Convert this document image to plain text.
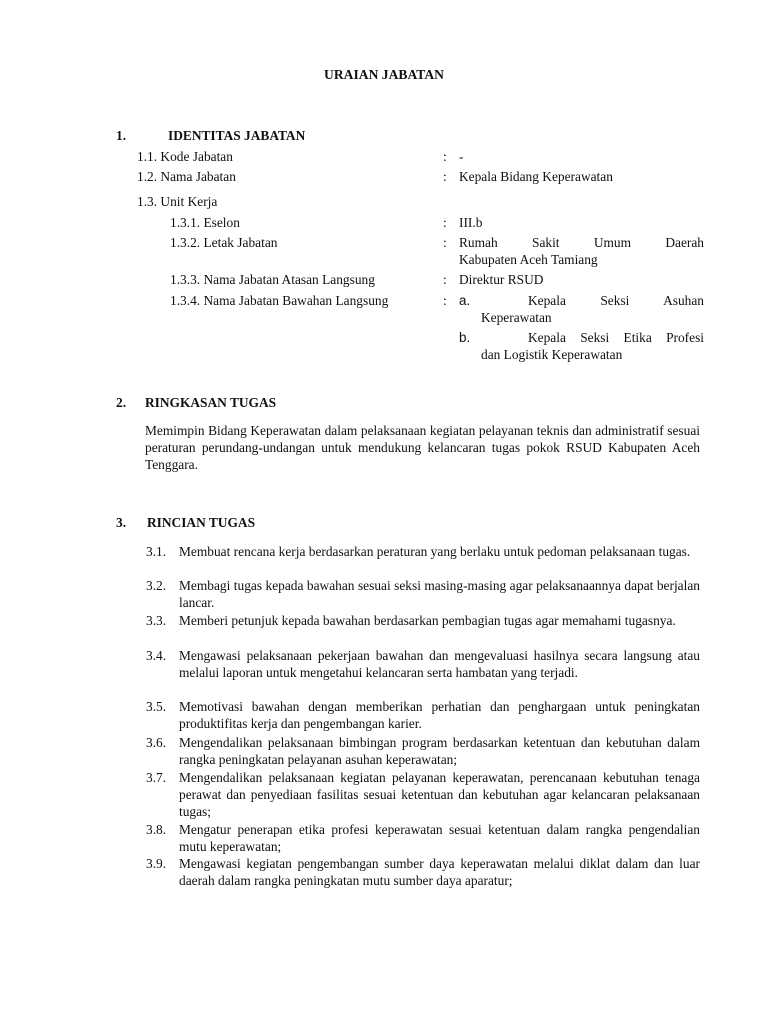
URAIAN JABATAN
1.	IDENTITAS JABATAN
1.1. Kode Jabatan	: -
1.2. Nama Jabatan	: Kepala Bidang Keperawatan
1.3. Unit Kerja
1.3.1. Eselon	: III.b
1.3.2. Letak Jabatan	: Rumah Sakit Umum Daerah
Kabupaten Aceh Tamiang
1.3.3. Nama Jabatan Atasan Langsung	: Direktur RSUD
1.3.4. Nama Jabatan Bawahan Langsung	: a.	Kepala Seksi Asuhan
Keperawatan
b.	Kepala Seksi Etika Profesi
dan Logistik Keperawatan
2. RINGKASAN TUGAS
Memimpin Bidang Keperawatan dalam pelaksanaan kegiatan pelayanan teknis dan administratif sesuai peraturan perundang-undangan untuk mendukung kelancaran tugas pokok RSUD Kabupaten Aceh Tenggara.
3. RINCIAN TUGAS
3.1. Membuat rencana kerja berdasarkan peraturan yang berlaku untuk pedoman pelaksanaan tugas.
3.2. Membagi tugas kepada bawahan sesuai seksi masing-masing agar pelaksanaannya dapat berjalan lancar.
3.3. Memberi petunjuk kepada bawahan berdasarkan pembagian tugas agar memahami tugasnya.
3.4. Mengawasi pelaksanaan pekerjaan bawahan dan mengevaluasi hasilnya secara langsung atau melalui laporan untuk mengetahui kelancaran serta hambatan yang terjadi.
3.5. Memotivasi bawahan dengan memberikan perhatian dan penghargaan untuk peningkatan produktifitas kerja dan pengembangan karier.
3.6. Mengendalikan pelaksanaan bimbingan program berdasarkan ketentuan dan kebutuhan dalam rangka peningkatan pelayanan asuhan keperawatan;
3.7. Mengendalikan pelaksanaan kegiatan pelayanan keperawatan, perencanaan kebutuhan tenaga perawat dan penyediaan fasilitas sesuai ketentuan dan kebutuhan agar kelancaran pelaksanaan tugas;
3.8. Mengatur penerapan etika profesi keperawatan sesuai ketentuan dalam rangka pengendalian mutu keperawatan;
3.9. Mengawasi kegiatan pengembangan sumber daya keperawatan melalui diklat dalam dan luar daerah dalam rangka peningkatan mutu sumber daya aparatur;
